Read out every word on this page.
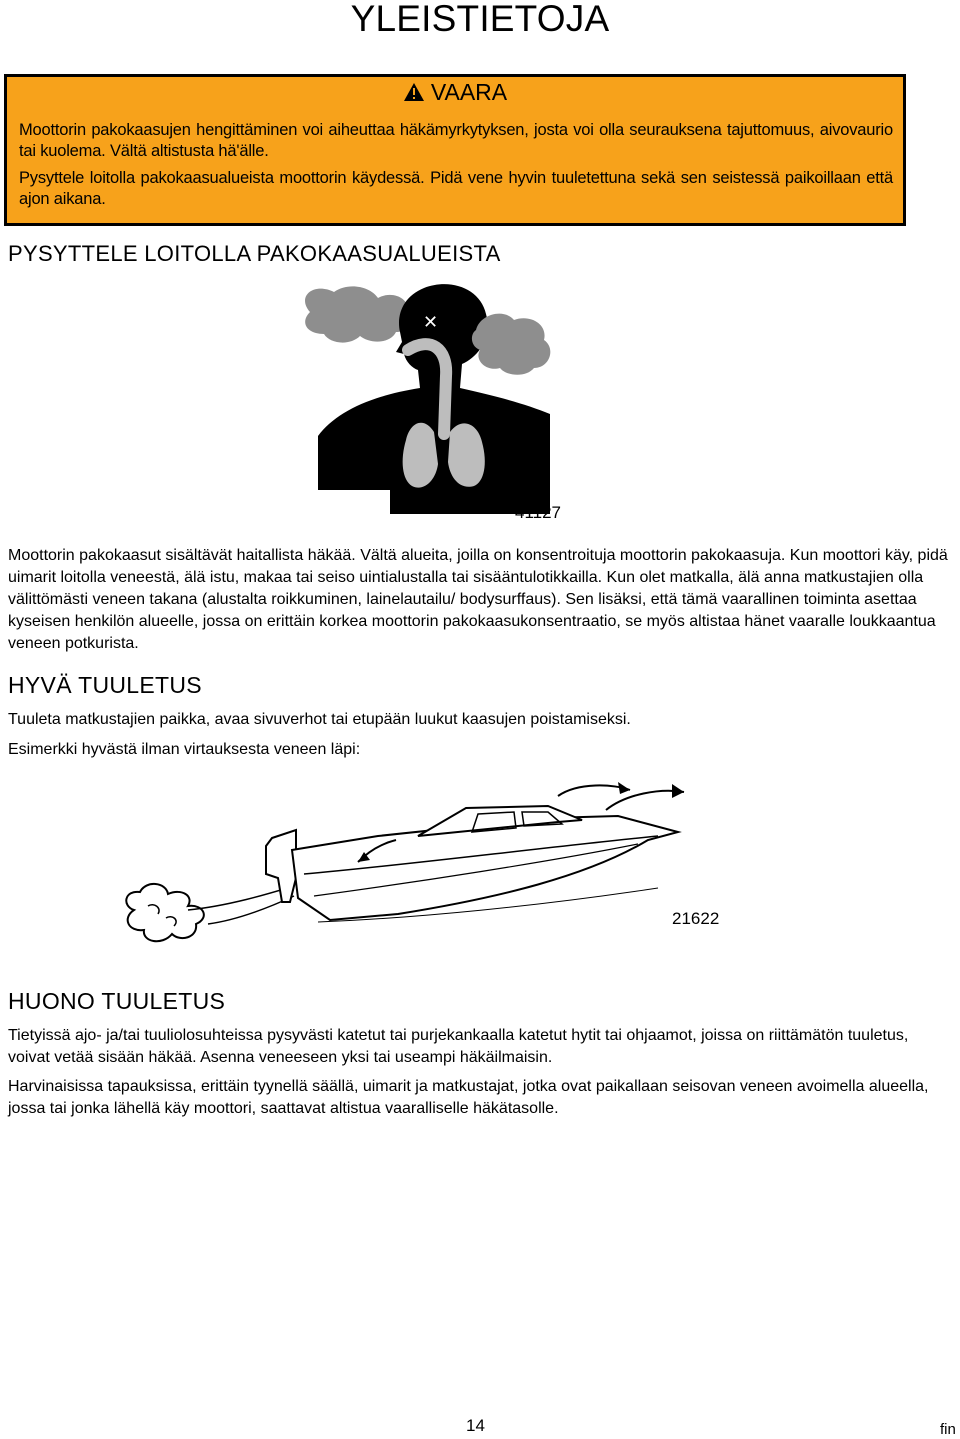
YLEISTIETOJA
VAARA

Moottorin pakokaasujen hengittäminen voi aiheuttaa häkämyrkytyksen, josta voi olla seurauksena tajuttomuus, aivovaurio tai kuolema. Vältä altistusta hä'älle.

Pysyttele loitolla pakokaasualueista moottorin käydessä. Pidä vene hyvin tuuletettuna sekä sen seistessä paikoillaan että ajon aikana.

PYSYTTELE LOITOLLA PAKOKAASUALUEISTA
✕
41127

Moottorin pakokaasut sisältävät haitallista häkää. Vältä alueita, joilla on konsentroituja moottorin pakokaasuja. Kun moottori käy, pidä uimarit loitolla veneestä, älä istu, makaa tai seiso uintialustalla tai sisääntulotikkailla. Kun olet matkalla, älä anna matkustajien olla välittömästi veneen takana (alustalta roikkuminen, lainelautailu/ bodysurffaus). Sen lisäksi, että tämä vaarallinen toiminta asettaa kyseisen henkilön alueelle, jossa on erittäin korkea moottorin pakokaasukonsentraatio, se myös altistaa hänet vaaralle loukkaantua veneen potkurista.

HYVÄ TUULETUS

Tuuleta matkustajien paikka, avaa sivuverhot tai etupään luukut kaasujen poistamiseksi.

Esimerkki hyvästä ilman virtauksesta veneen läpi:

21622
HUONO TUULETUS

Tietyissä ajo- ja/tai tuuliolosuhteissa pysyvästi katetut tai purjekankaalla katetut hytit tai ohjaamot, joissa on riittämätön tuuletus, voivat vetää sisään häkää. Asenna veneeseen yksi tai useampi häkäilmaisin.

Harvinaisissa tapauksissa, erittäin tyynellä säällä, uimarit ja matkustajat, jotka ovat paikallaan seisovan veneen avoimella alueella, jossa tai jonka lähellä käy moottori, saattavat altistua vaaralliselle häkätasolle.

14	fin
